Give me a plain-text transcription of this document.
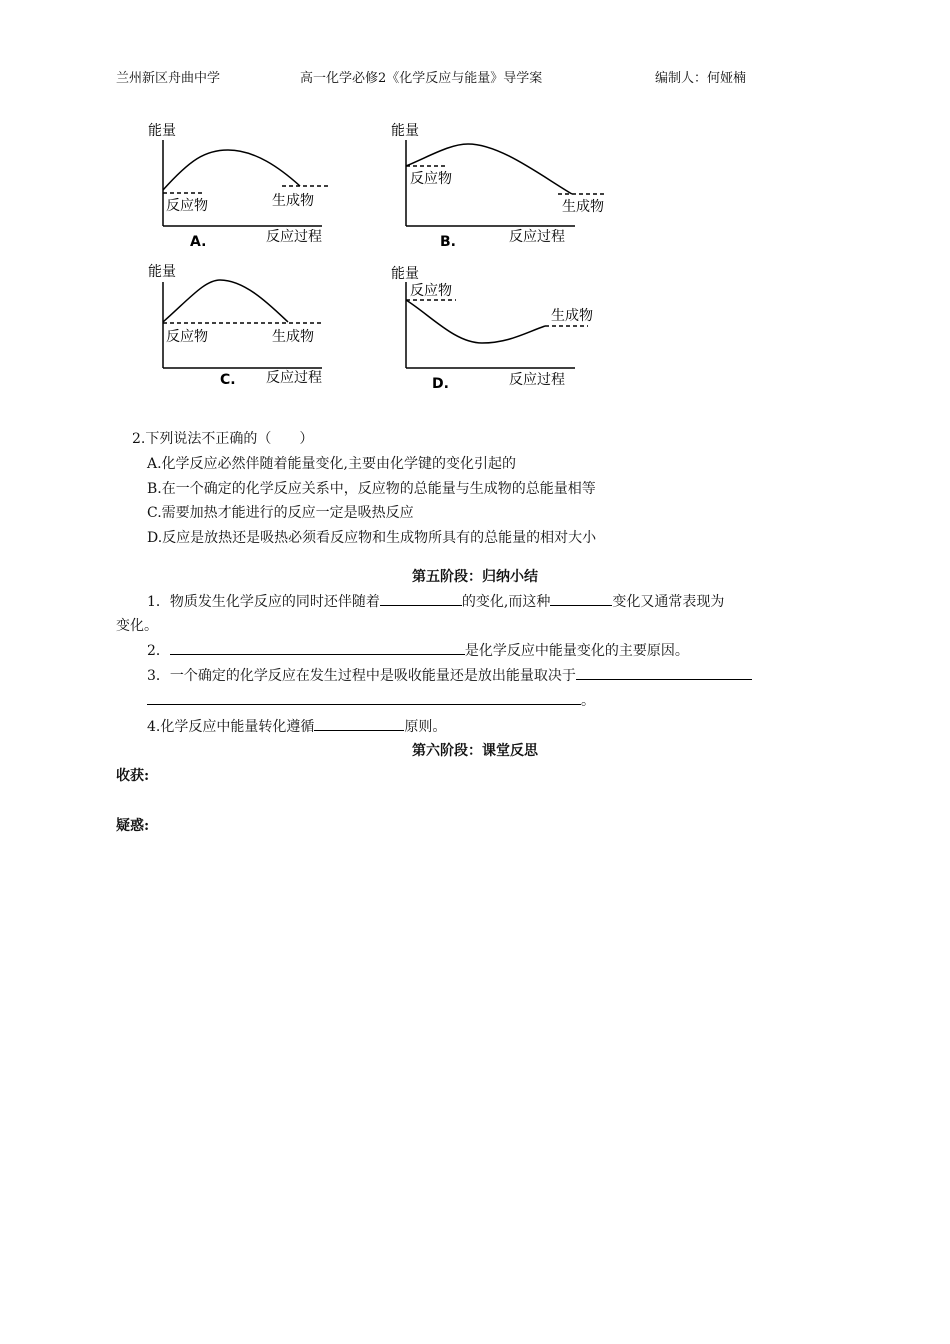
兰州新区舟曲中学	高一化学必修2《化学反应与能量》导学案	编制人：何娅楠
能量
反应物	生成物
A.	反应过程
能量
反应物
生成物
B.	反应过程
能量
反应物	生成物
C. 反应过程
能量
反应物
生成物
D.	反应过程
2.下列说法不正确的（　　）
A.化学反应必然伴随着能量变化,主要由化学键的变化引起的
B.在一个确定的化学反应关系中，反应物的总能量与生成物的总能量相等
C.需要加热才能进行的反应一定是吸热反应
D.反应是放热还是吸热必须看反应物和生成物所具有的总能量的相对大小
第五阶段：归纳小结
1．物质发生化学反应的同时还伴随着	的变化,而这种	变化又通常表现为
变化。
2．	是化学反应中能量变化的主要原因。
3．一个确定的化学反应在发生过程中是吸收能量还是放出能量取决于
。
4.化学反应中能量转化遵循	原则。
第六阶段：课堂反思
收获:
疑惑:
